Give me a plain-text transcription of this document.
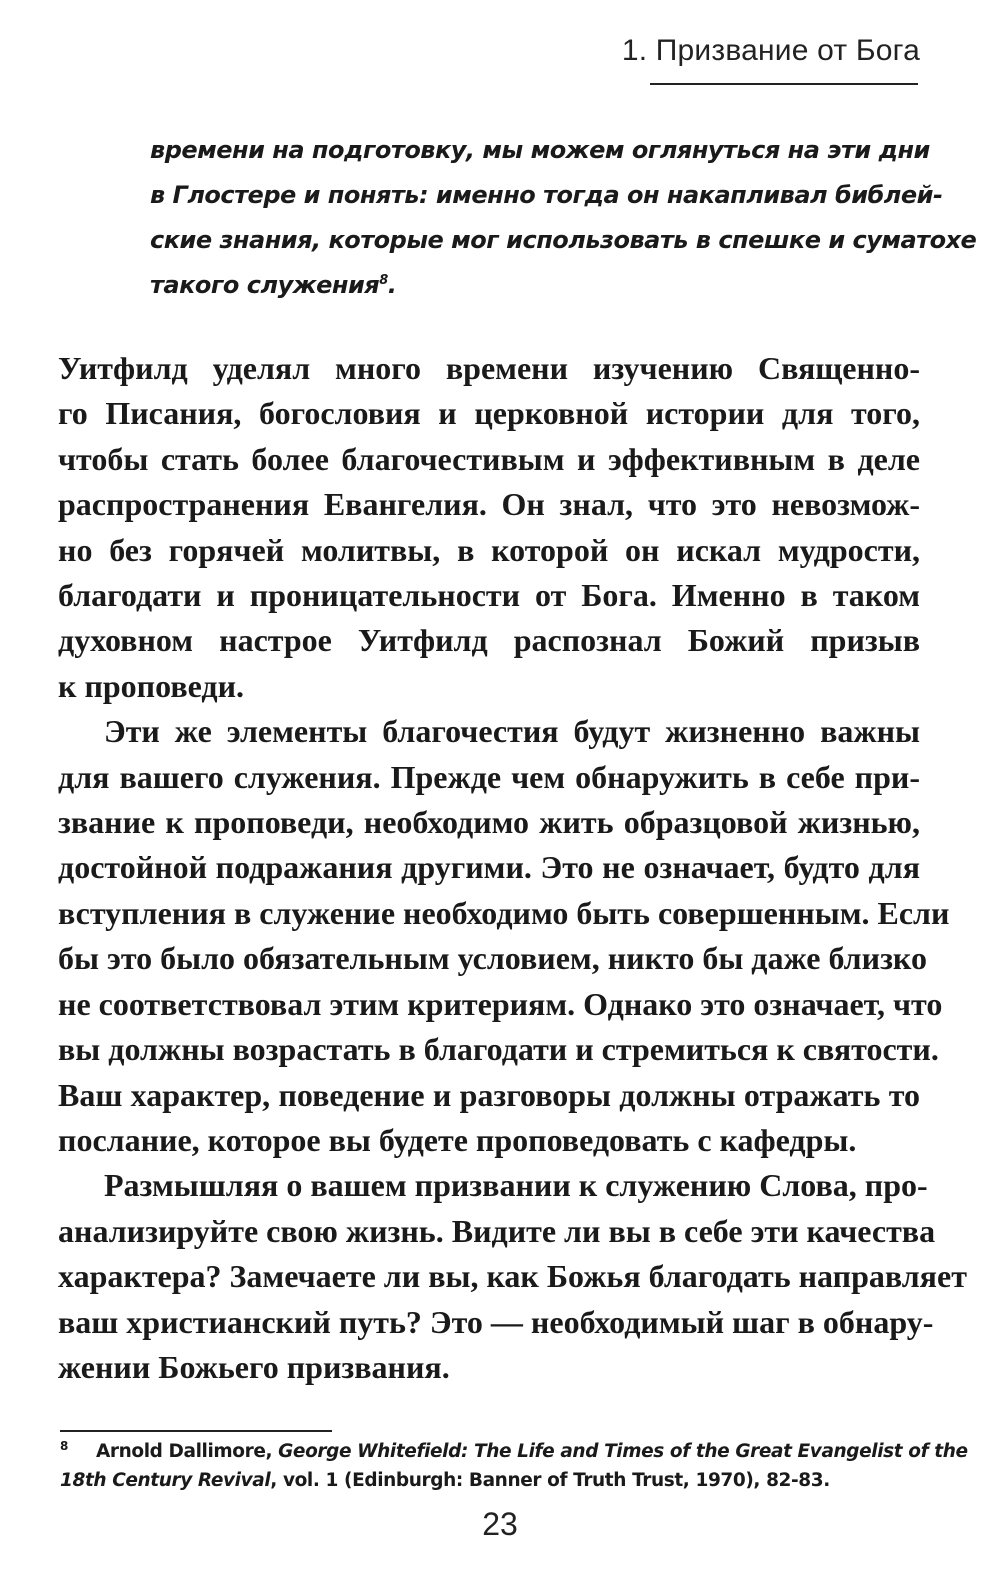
1. Призвание от Бога
времени на подготовку, мы можем оглянуться на эти дни
в Глостере и понять: именно тогда он накапливал библей-
ские знания, которые мог использовать в спешке и суматохе
такого служения$^8$.
Уитфилд уделял много времени изучению Священно-
го Писания, богословия и церковной истории для того,
чтобы стать более благочестивым и эффективным в деле
распространения Евангелия. Он знал, что это невозмож-
но без горячей молитвы, в которой он искал мудрости,
благодати и проницательности от Бога. Именно в таком
духовном настрое Уитфилд распознал Божий призыв
к проповеди.
Эти же элементы благочестия будут жизненно важны
для вашего служения. Прежде чем обнаружить в себе при-
звание к проповеди, необходимо жить образцовой жизнью,
достойной подражания другими. Это не означает, будто для
вступления в служение необходимо быть совершенным. Если
бы это было обязательным условием, никто бы даже близко
не соответствовал этим критериям. Однако это означает, что
вы должны возрастать в благодати и стремиться к святости.
Ваш характер, поведение и разговоры должны отражать то
послание, которое вы будете проповедовать с кафедры.
Размышляя о вашем призвании к служению Слова, про-
анализируйте свою жизнь. Видите ли вы в себе эти качества
характера? Замечаете ли вы, как Божья благодать направляет
ваш христианский путь? Это — необходимый шаг в обнару-
жении Божьего призвания.
8 Arnold Dallimore, George Whitefield: The Life and Times of the Great Evangelist of the
18th Century Revival, vol. 1 (Edinburgh: Banner of Truth Trust, 1970), 82-83.
23
